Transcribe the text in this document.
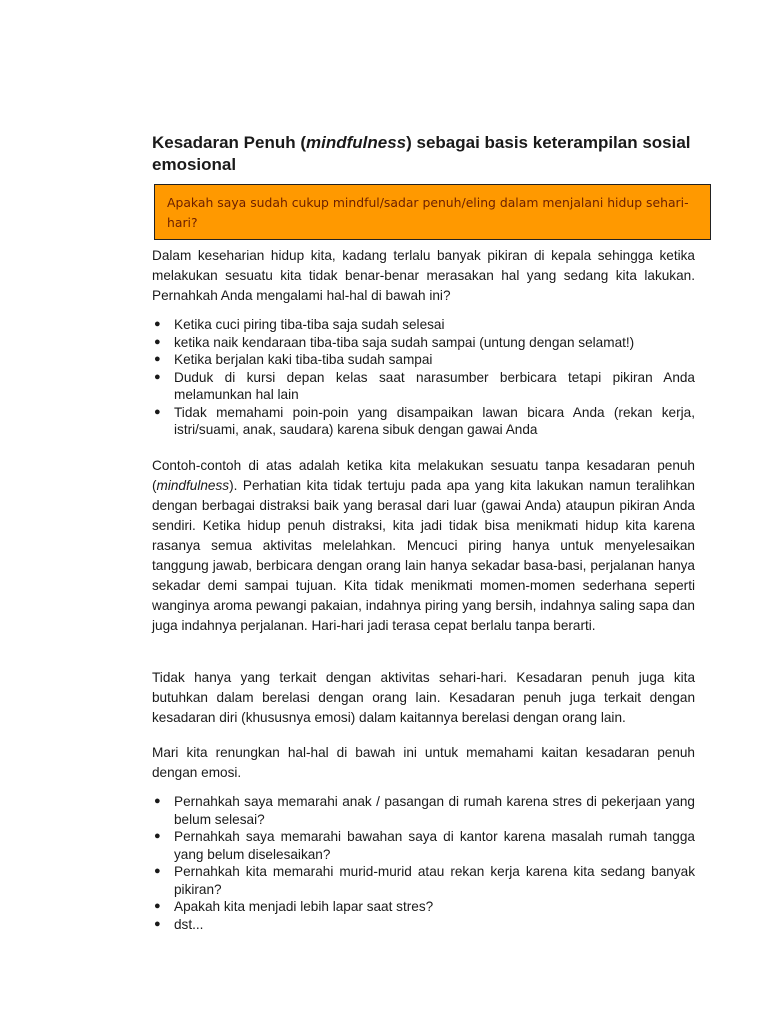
Kesadaran Penuh (mindfulness) sebagai basis keterampilan sosial emosional
Apakah saya sudah cukup mindful/sadar penuh/eling dalam menjalani hidup sehari-hari?

Dalam keseharian hidup kita, kadang terlalu banyak pikiran di kepala sehingga ketika melakukan sesuatu kita tidak benar-benar merasakan hal yang sedang kita lakukan. Pernahkah Anda mengalami hal-hal di bawah ini?

● Ketika cuci piring tiba-tiba saja sudah selesai
● ketika naik kendaraan tiba-tiba saja sudah sampai (untung dengan selamat!)
● Ketika berjalan kaki tiba-tiba sudah sampai
● Duduk di kursi depan kelas saat narasumber berbicara tetapi pikiran Anda melamunkan hal lain
● Tidak memahami poin-poin yang disampaikan lawan bicara Anda (rekan kerja, istri/suami, anak, saudara) karena sibuk dengan gawai Anda

Contoh-contoh di atas adalah ketika kita melakukan sesuatu tanpa kesadaran penuh (mindfulness). Perhatian kita tidak tertuju pada apa yang kita lakukan namun teralihkan dengan berbagai distraksi baik yang berasal dari luar (gawai Anda) ataupun pikiran Anda sendiri. Ketika hidup penuh distraksi, kita jadi tidak bisa menikmati hidup kita karena rasanya semua aktivitas melelahkan. Mencuci piring hanya untuk menyelesaikan tanggung jawab, berbicara dengan orang lain hanya sekadar basa-basi, perjalanan hanya sekadar demi sampai tujuan. Kita tidak menikmati momen-momen sederhana seperti wanginya aroma pewangi pakaian, indahnya piring yang bersih, indahnya saling sapa dan juga indahnya perjalanan. Hari-hari jadi terasa cepat berlalu tanpa berarti.

Tidak hanya yang terkait dengan aktivitas sehari-hari. Kesadaran penuh juga kita butuhkan dalam berelasi dengan orang lain. Kesadaran penuh juga terkait dengan kesadaran diri (khususnya emosi) dalam kaitannya berelasi dengan orang lain.

Mari kita renungkan hal-hal di bawah ini untuk memahami kaitan kesadaran penuh dengan emosi.

● Pernahkah saya memarahi anak / pasangan di rumah karena stres di pekerjaan yang belum selesai?
● Pernahkah saya memarahi bawahan saya di kantor karena masalah rumah tangga yang belum diselesaikan?
● Pernahkah kita memarahi murid-murid atau rekan kerja karena kita sedang banyak pikiran?
● Apakah kita menjadi lebih lapar saat stres?
● dst...
